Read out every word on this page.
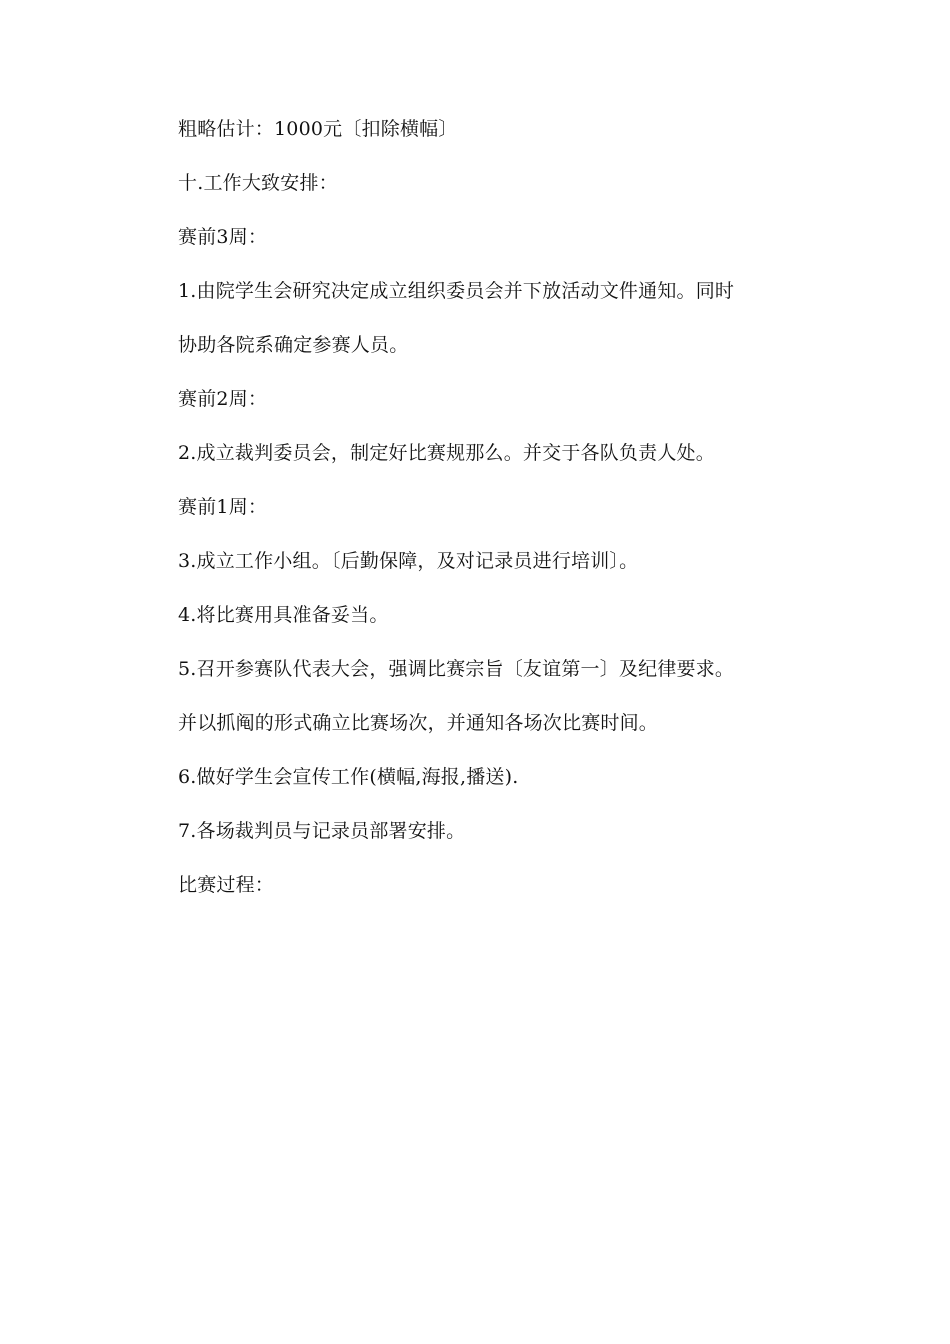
粗略估计：1000元〔扣除横幅〕

十.工作大致安排：

赛前3周：

1.由院学生会研究决定成立组织委员会并下放活动文件通知。同时

协助各院系确定参赛人员。

赛前2周：

2.成立裁判委员会，制定好比赛规那么。并交于各队负责人处。

赛前1周：

3.成立工作小组。〔后勤保障，及对记录员进行培训〕。

4.将比赛用具准备妥当。

5.召开参赛队代表大会，强调比赛宗旨〔友谊第一〕及纪律要求。

并以抓阄的形式确立比赛场次，并通知各场次比赛时间。

6.做好学生会宣传工作(横幅,海报,播送).

7.各场裁判员与记录员部署安排。

比赛过程：
